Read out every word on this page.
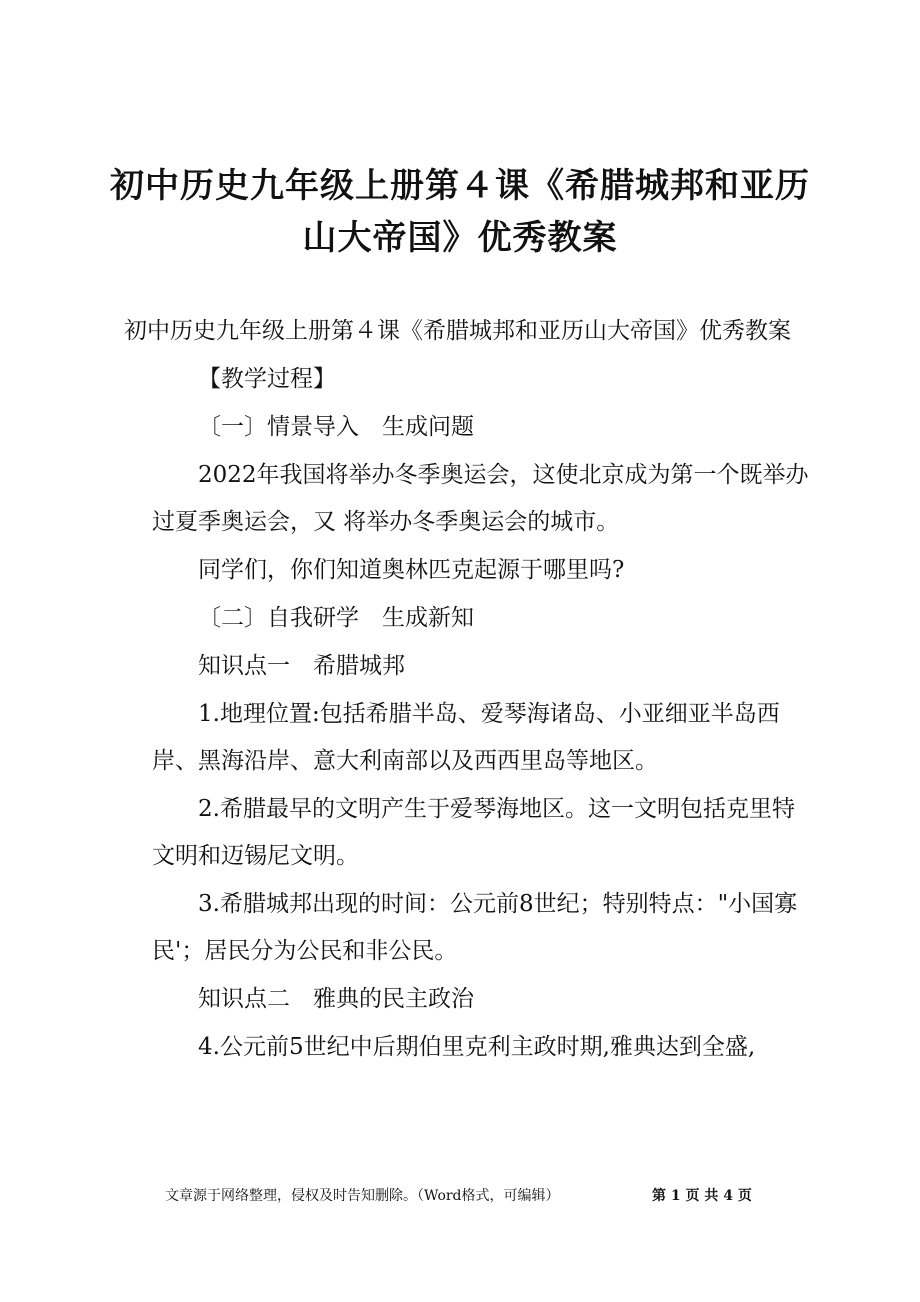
初中历史九年级上册第４课《希腊城邦和亚历山大帝国》优秀教案

初中历史九年级上册第４课《希腊城邦和亚历山大帝国》优秀教案

【教学过程】

〔一〕情景导入　生成问题

2022年我国将举办冬季奥运会，这使北京成为第一个既举办过夏季奥运会，又 将举办冬季奥运会的城市。

同学们，你们知道奥林匹克起源于哪里吗?

〔二〕自我研学　生成新知

知识点一　希腊城邦

1.地理位置:包括希腊半岛、爱琴海诸岛、小亚细亚半岛西岸、黑海沿岸、意大利南部以及西西里岛等地区。

2.希腊最早的文明产生于爱琴海地区。这一文明包括克里特文明和迈锡尼文明。

3.希腊城邦出现的时间：公元前8世纪；特别特点："小国寡民'；居民分为公民和非公民。

知识点二　雅典的民主政治

4.公元前5世纪中后期伯里克利主政时期,雅典达到全盛,

文章源于网络整理，侵权及时告知删除。（Word格式，可编辑）	第 1 页 共 4 页
